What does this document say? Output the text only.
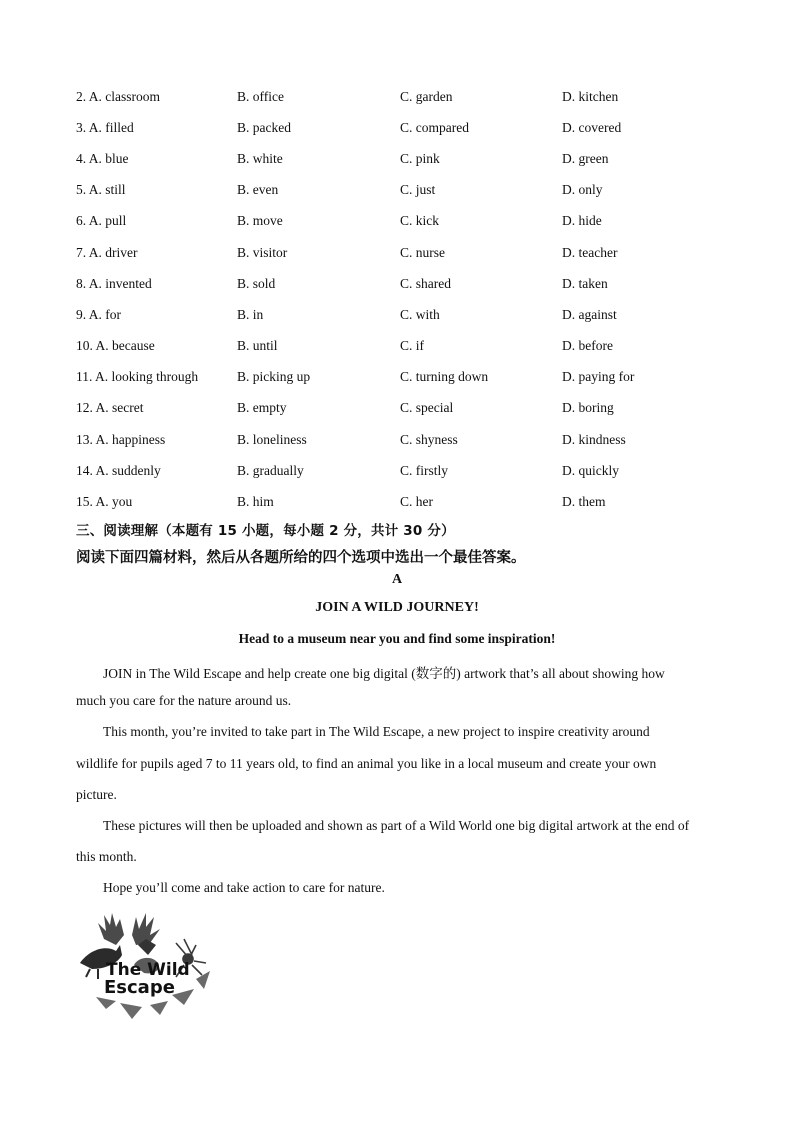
2. A. classroom	B. office	C. garden	D. kitchen
3. A. filled	B. packed	C. compared	D. covered
4. A. blue	B. white	C. pink	D. green
5. A. still	B. even	C. just	D. only
6. A. pull	B. move	C. kick	D. hide
7. A. driver	B. visitor	C. nurse	D. teacher
8. A. invented	B. sold	C. shared	D. taken
9. A. for	B. in	C. with	D. against
10. A. because	B. until	C. if	D. before
11. A. looking through	B. picking up	C. turning down	D. paying for
12. A. secret	B. empty	C. special	D. boring
13. A. happiness	B. loneliness	C. shyness	D. kindness
14. A. suddenly	B. gradually	C. firstly	D. quickly
15. A. you	B. him	C. her	D. them
三、阅读理解（本题有 15 小题，每小题 2 分，共计 30 分）
阅读下面四篇材料，然后从各题所给的四个选项中选出一个最佳答案。
A
JOIN A WILD JOURNEY!
Head to a museum near you and find some inspiration!
JOIN in The Wild Escape and help create one big digital (数字的) artwork that’s all about showing how
much you care for the nature around us.
This month, you’re invited to take part in The Wild Escape, a new project to inspire creativity around
wildlife for pupils aged 7 to 11 years old, to find an animal you like in a local museum and create your own
picture.
These pictures will then be uploaded and shown as part of a Wild World one big digital artwork at the end of
this month.
Hope you’ll come and take action to care for nature.
The Wild
Escape
